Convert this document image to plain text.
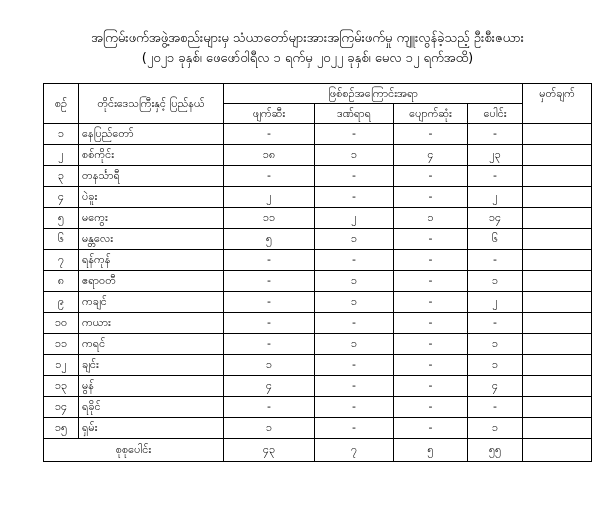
အကြမ်းဖက်အဖွဲ့အစည်းများမှ သံယာတော်များအားအကြမ်းဖက်မှု ကျူးလွန်ခဲ့သည့် ဦးစီးဇယား
(၂၀၂၁ ခုနှစ်၊ ဖေဖော်ဝါရီလ ၁ ရက်မှ ၂၀၂၂ ခုနှစ်၊ မေလ ၁၂ ရက်အထိ)
စဉ်	တိုင်းဒေသကြီးနှင့် ပြည်နယ်	ဖြစ်စဉ်အကြောင်းအရာ				မှတ်ချက်
		ဖျက်ဆီး	ဒဏ်ရာရ	ပျောက်ဆုံး	ပေါင်း	
၁	နေပြည်တော်	-	-	-	-	
၂	စစ်ကိုင်း	၁၈	၁	၄	၂၃	
၃	တနင်္သာရီ	-	-	-	-	
၄	ပဲခူး	၂	-	-	၂	
၅	မကွေး	၁၁	၂	၁	၁၄	
၆	မန္တလေး	၅	၁	-	၆	
၇	ရန်ကုန်	-	-	-	-	
၈	ဧရာဝတီ	-	၁	-	၁	
၉	ကချင်	-	၁	-	၂	
၁၀	ကယား	-	-	-	-	
၁၁	ကရင်	-	၁	-	၁	
၁၂	ချင်း	၁	-	-	၁	
၁၃	မွန်	၄	-	-	၄	
၁၄	ရခိုင်	-	-	-	-	
၁၅	ရှမ်း	၁	-	-	၁	
စုစုပေါင်း		၄၃	၇	၅	၅၅	
